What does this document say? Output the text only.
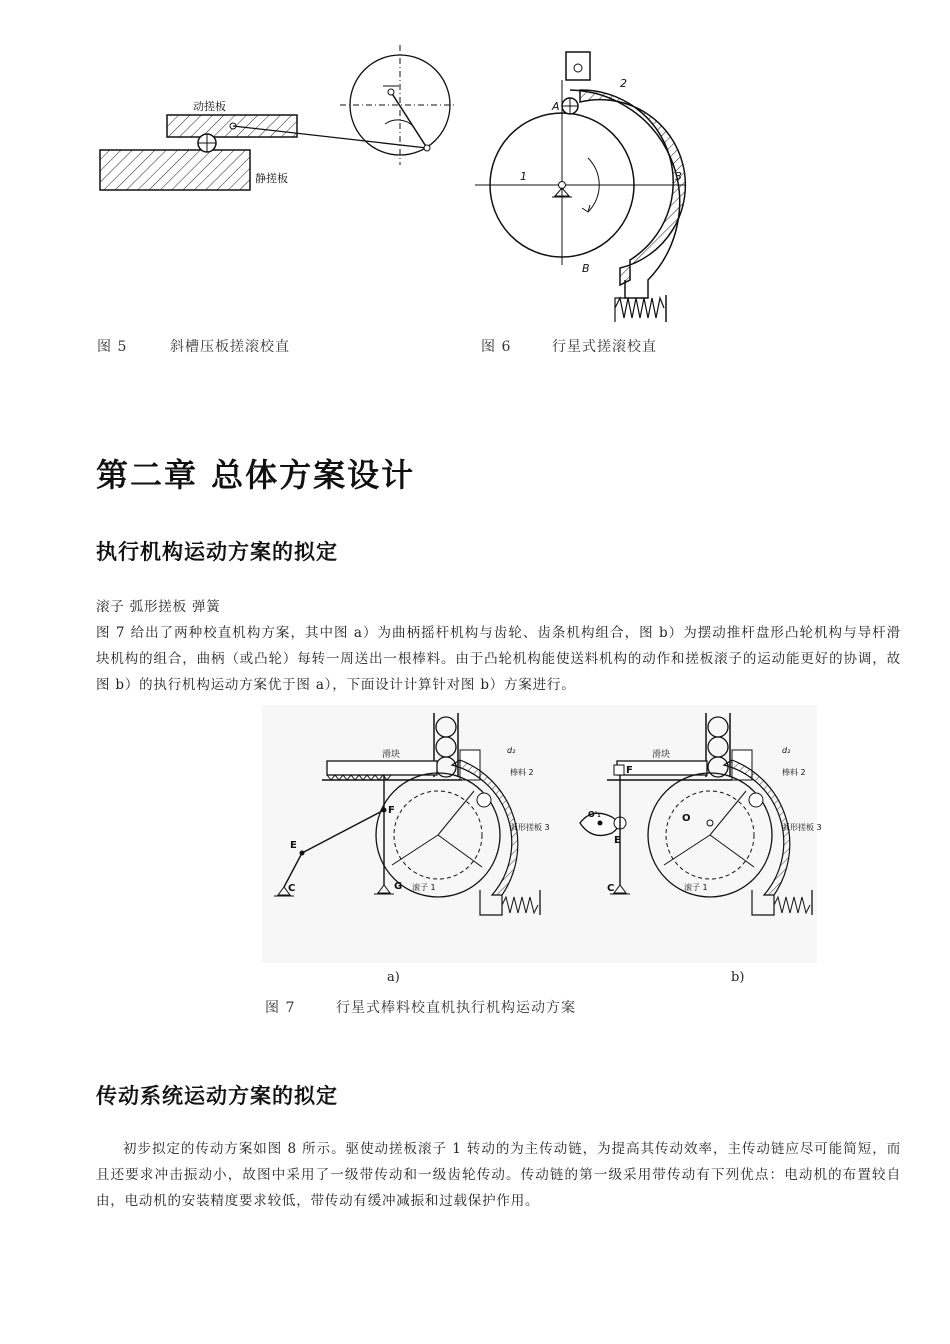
动搓板
静搓板
A
2
1	3
B
图 5	斜槽压板搓滚校直	图 6	行星式搓滚校直
第二章 总体方案设计
执行机构运动方案的拟定
滚子 弧形搓板 弹簧
图 7 给出了两种校直机构方案，其中图 a）为曲柄摇杆机构与齿轮、齿条机构组合，图 b）为摆动推杆盘形凸轮机构与导杆滑块机构的组合，曲柄（或凸轮）每转一周送出一根棒料。由于凸轮机构能使送料机构的动作和搓板滚子的运动能更好的协调，故图 b）的执行机构运动方案优于图 a），下面设计计算针对图 b）方案进行。
滑块
E
C
F
G 滚子 1
棒料 2
弧形搓板 3
d₂	滑块
O'₁
E
C
F
O
滚子 1
棒料 2
弧形搓板 3
d₂
a)	b)
图 7	行星式棒料校直机执行机构运动方案
传动系统运动方案的拟定
初步拟定的传动方案如图 8 所示。驱使动搓板滚子 1 转动的为主传动链，为提高其传动效率，主传动链应尽可能简短，而且还要求冲击振动小，故图中采用了一级带传动和一级齿轮传动。传动链的第一级采用带传动有下列优点：电动机的布置较自由，电动机的安装精度要求较低，带传动有缓冲减振和过载保护作用。
